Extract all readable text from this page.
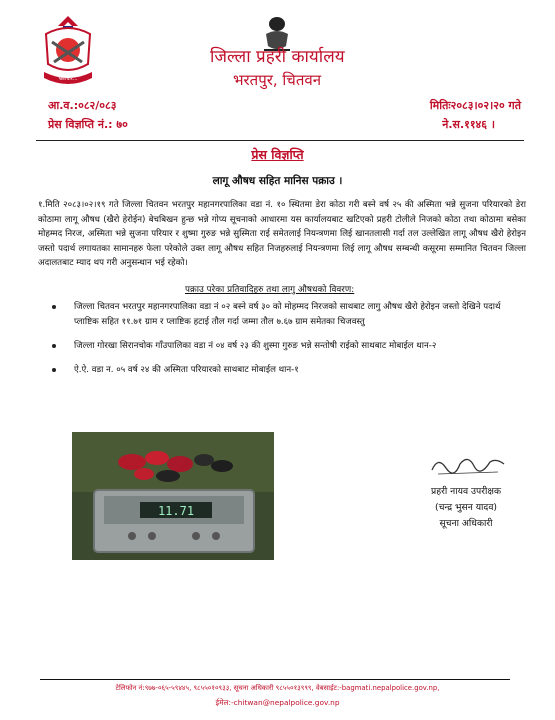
भ्रष्टाचार...
जिल्ला प्रहरी कार्यालय
भरतपुर, चितवन
आ.व.:०८२/०८३
प्रेस विज्ञप्ति नं.: ७०
मितिः२०८३।०२।२० गते
ने.स.११४६ ।
प्रेस विज्ञप्ति
लागू औषध सहित मानिस पक्राउ ।

१.मिति २०८३।०२।१९ गते जिल्ला चितवन भरतपुर महानगरपालिका वडा नं. १० स्थितमा डेरा कोठा गरी बस्ने वर्ष २५ की अस्मिता भन्ने सुजना परियारको डेरा कोठामा लागू औषध (खैरो हेरोईन) बेचबिखन हुन्छ भन्ने गोप्य सूचनाको आधारमा यस कार्यालयबाट खटिएको प्रहरी टोलीले निजको कोठा तथा कोठामा बसेका मोहम्मद निरज, अस्मिता भन्ने सुजना परियार र शुष्मा गुरुङ भन्ने सुस्मिता राई समेतलाई नियन्त्रणमा लिई खानतलासी गर्दा तल उल्लेखित लागू औषध खैरो हेरोइन जस्तो पदार्थ लगायतका सामानहरु फेला परेकोले उक्त लागू औषध सहित निजहरुलाई नियन्त्रणमा लिई लागू औषध सम्बन्धी कसूरमा सम्मानित चितवन जिल्ला अदालतबाट म्याद थप गरी अनुसन्धान भई रहेको।

पक्राउ परेका प्रतिवादिहरु तथा लागु औषधको विवरण:
जिल्ला चितवन भरतपुर महानगरपालिका वडा नं ०२ बस्ने वर्ष ३० को मोहम्मद निरजको साथबाट लागु औषध खैरो हेरोइन जस्तो देखिने पदार्थ प्लाष्टिक सहित ११.७१ ग्राम र प्लाष्टिक हटाई तौल गर्दा जम्मा तौल ७.६७ ग्राम समेतका चिजवस्तु
जिल्ला गोरखा सिरानचोक गाँउपालिका वडा नं ०४ वर्ष २३ की शुस्मा गुरुङ भन्ने सन्तोषी राईको साथबाट मोबाईल थान-२
ऐ.ऐ. वडा न. ०५ वर्ष २४ की अस्मिता परियारको साथबाट मोबाईल थान-१
11.71
प्रहरी नायव उपरीक्षक
(चन्द्र भुसन यादव)
सूचना अधिकारी
टेलिफोन नं:९७७-०६५-५९४४५, ९८५५०१०९३३, सूचना अधिकारी ९८५५०१३९९९, वेबसाईट:-bagmati.nepalpolice.gov.np,
ईमेल:-chitwan@nepalpolice.gov.np
